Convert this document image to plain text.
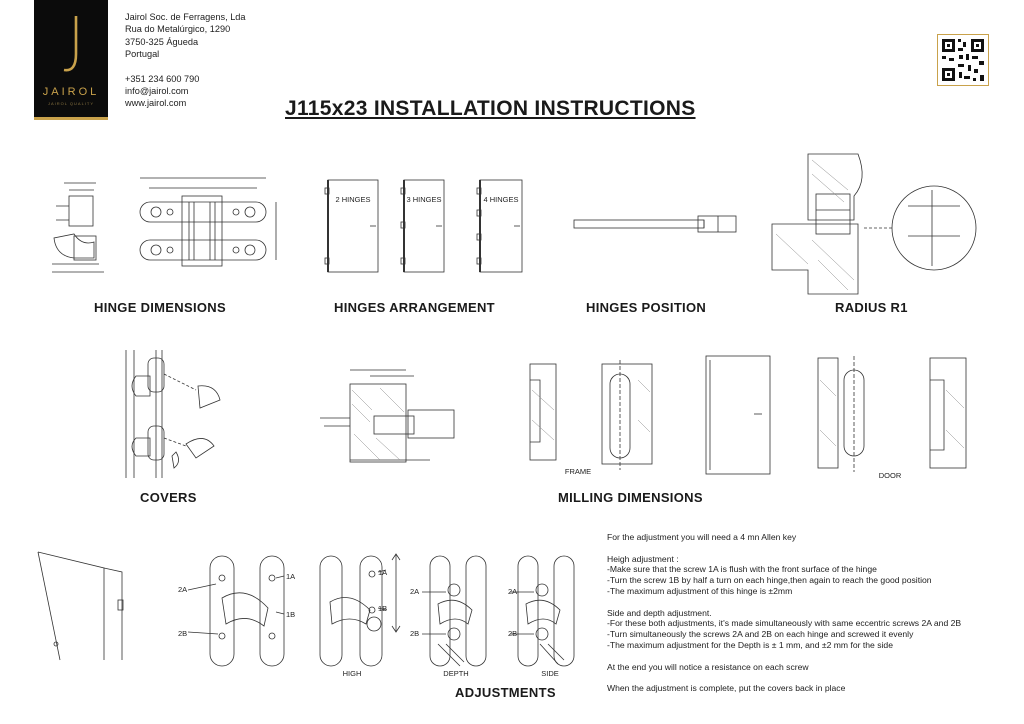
JAIROL
JAIROL QUALITY
Jairol Soc. de Ferragens, Lda
Rua do Metalúrgico, 1290
3750-325 Águeda
Portugal
+351 234 600 790
info@jairol.com
www.jairol.com	J115x23 INSTALLATION INSTRUCTIONS
2 HINGES	3 HINGES	4 HINGES
HINGE DIMENSIONS	HINGES ARRANGEMENT	HINGES POSITION	RADIUS R1
FRAME	DOOR
COVERS	MILLING DIMENSIONS
2A
2B
1A
1B
1A
1B
2A
2B
2A
2B
HIGH	DEPTH	SIDE
ADJUSTMENTS

For the adjustment you will need a 4 mn Allen key

Heigh adjustment :

-Make sure that the screw 1A is flush with the front surface of the hinge

-Turn the screw 1B by half a turn on each hinge,then again to reach the good position

-The maximum adjustment of this hinge is ±2mm

Side and depth adjustment.

-For these both adjustments, it's made simultaneously with same eccentric screws 2A and 2B

-Turn simultaneously the screws 2A and 2B on each hinge and screwed it evenly

-The maximum adjustment for the Depth is ± 1 mm, and ±2 mm for the side

At the end you will notice a resistance on each screw

When the adjustment is complete, put the covers back in place
